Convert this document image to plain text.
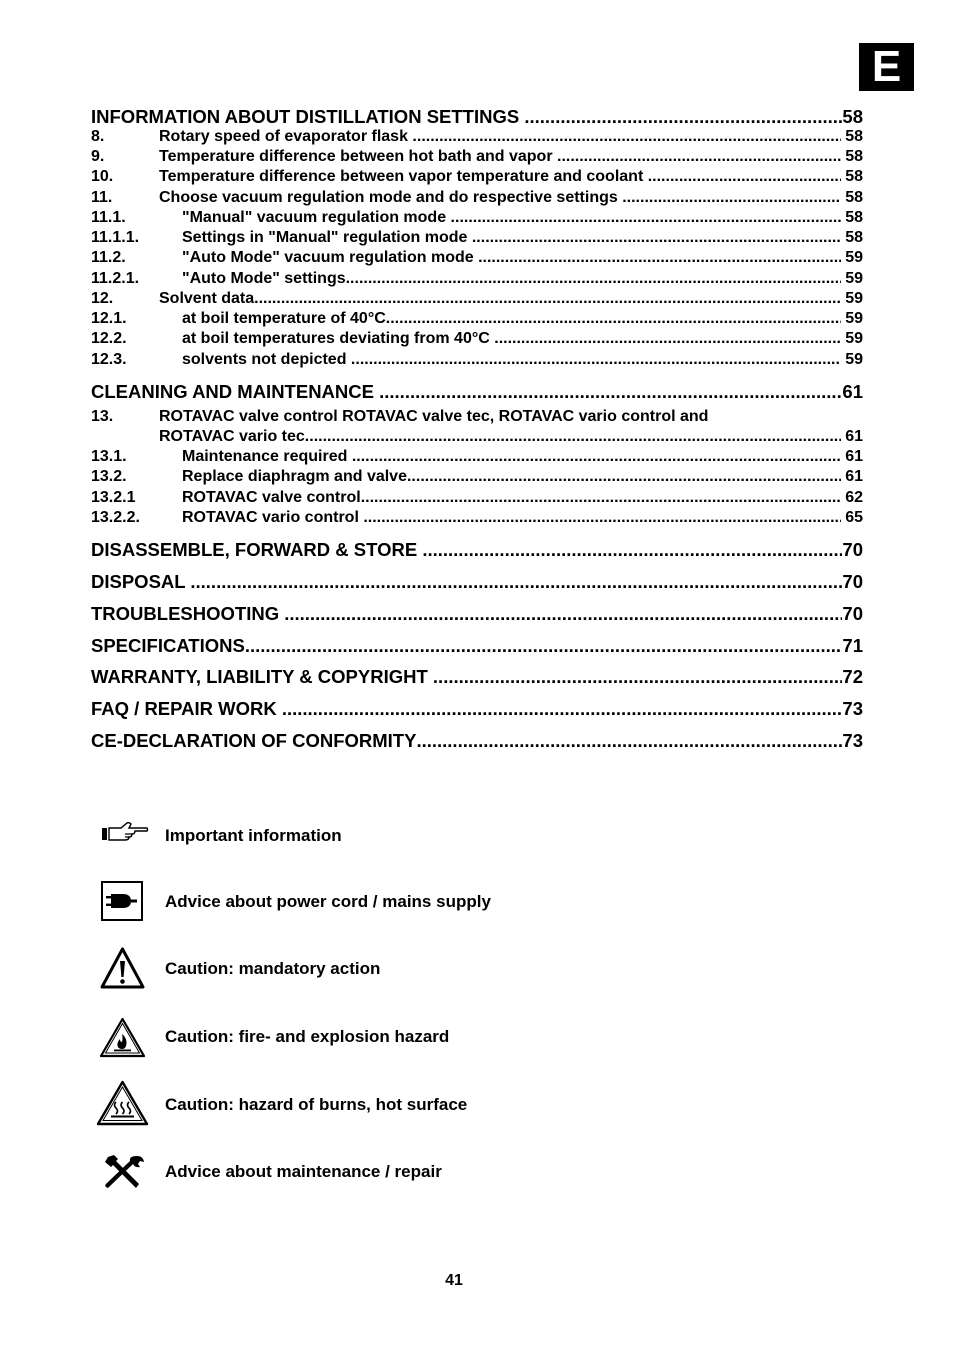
E
INFORMATION ABOUT DISTILLATION SETTINGS .....	58
8.	Rotary speed of evaporator flask .....	58
9.	Temperature difference between hot bath and vapor .....	58
10.	Temperature difference between vapor temperature and coolant .....	58
11.	Choose vacuum regulation mode and do respective settings .....	58
11.1.	"Manual" vacuum regulation mode .....	58
11.1.1.	Settings in "Manual" regulation mode .....	58
11.2.	"Auto Mode" vacuum regulation mode .....	59
11.2.1.	"Auto Mode" settings .....	59
12.	Solvent data .....	59
12.1.	at boil temperature of 40°C .....	59
12.2.	at boil temperatures deviating from 40°C .....	59
12.3.	solvents not depicted .....	59
CLEANING AND MAINTENANCE .....	61
13.	ROTAVAC valve control ROTAVAC valve tec, ROTAVAC vario control and
ROTAVAC vario tec. .....	61
13.1.	Maintenance required .....	61
13.2.	Replace diaphragm and valve .....	61
13.2.1	ROTAVAC valve control. .....	62
13.2.2.	ROTAVAC vario control .....	65
DISASSEMBLE, FORWARD & STORE .....	70
DISPOSAL .....	70
TROUBLESHOOTING .....	70
SPECIFICATIONS .....	71
WARRANTY, LIABILITY & COPYRIGHT .....	72
FAQ / REPAIR WORK .....	73
CE-DECLARATION OF CONFORMITY .....	73
Important information
Advice about power cord / mains supply
Caution: mandatory action
Caution: fire- and explosion hazard
Caution: hazard of burns, hot surface
Advice about maintenance / repair
41
